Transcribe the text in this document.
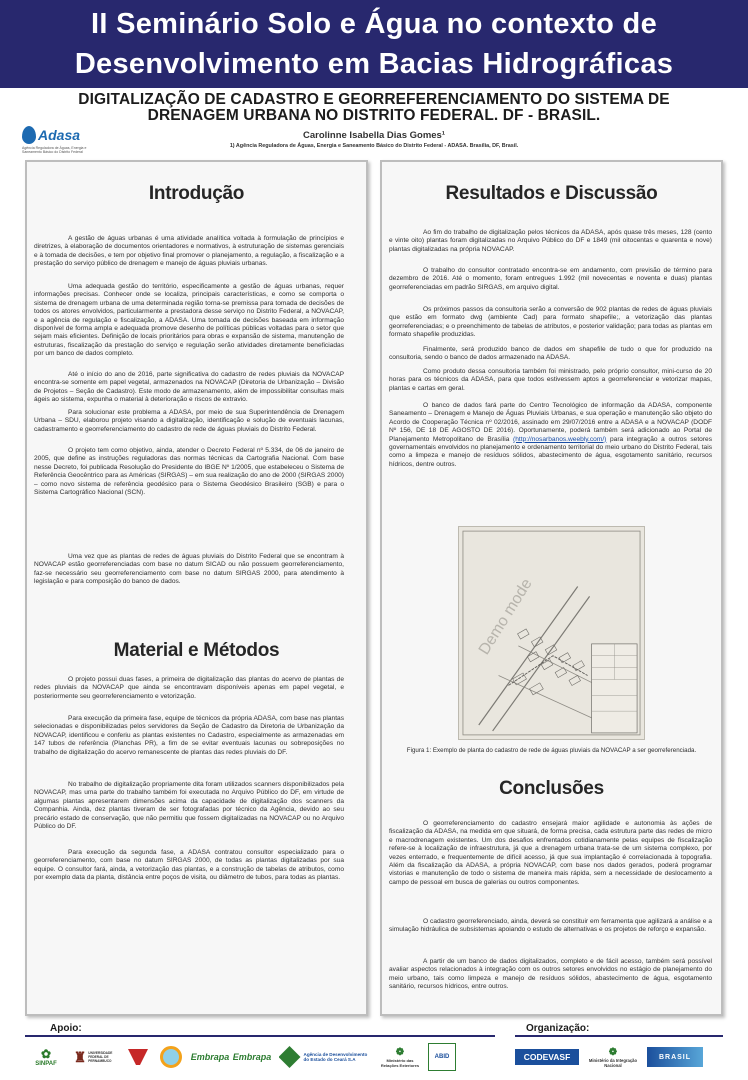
II Seminário Solo e Água no contexto de
Desenvolvimento em Bacias Hidrográficas
DIGITALIZAÇÃO DE CADASTRO E GEORREFERENCIAMENTO DO SISTEMA DE
DRENAGEM URBANA NO DISTRITO FEDERAL. DF - BRASIL.
Adasa
Agência Reguladora de Águas, Energia e Saneamento Básico do Distrito Federal
Carolinne Isabella Dias Gomes¹
1) Agência Reguladora de Águas, Energia e Saneamento Básico do Distrito Federal - ADASA. Brasília, DF, Brasil.
Introdução
A gestão de águas urbanas é uma atividade analítica voltada à formulação de princípios e diretrizes, à elaboração de documentos orientadores e normativos, à estruturação de sistemas gerenciais e à tomada de decisões, e tem por objetivo final promover o planejamento, a regulação, a fiscalização e a prestação do serviço público de drenagem e manejo de águas pluviais urbanas.
Uma adequada gestão do território, especificamente a gestão de águas urbanas, requer informações precisas. Conhecer onde se localiza, principais características, e como se comporta o sistema de drenagem urbana de uma determinada região torna-se premissa para tomada de decisões de todos os atores envolvidos, particularmente a prestadora desse serviço no Distrito Federal, a NOVACAP, e a agência de regulação e fiscalização, a ADASA. Uma tomada de decisões baseada em informação disponível de forma ampla e adequada promove desenho de políticas públicas voltadas para o setor que sejam mais eficientes. Definição de locais prioritários para obras e expansão de sistema, manutenção de estruturas, fiscalização da prestação do serviço e regulação serão atividades diretamente beneficiadas por um banco de dados completo.
Até o início do ano de 2016, parte significativa do cadastro de redes pluviais da NOVACAP encontra-se somente em papel vegetal, armazenados na NOVACAP (Diretoria de Urbanização – Divisão de Projetos – Seção de Cadastro). Este modo de armazenamento, além de impossibilitar consultas mais ágeis ao sistema, expunha o material à deterioração e riscos de extravio.
Para solucionar este problema a ADASA, por meio de sua Superintendência de Drenagem Urbana – SDU, elaborou projeto visando a digitalização, identificação e solução de eventuais lacunas, cadastramento e georreferenciamento do cadastro de rede de águas pluviais do Distrito Federal.
O projeto tem como objetivo, ainda, atender o Decreto Federal nº 5.334, de 06 de janeiro de 2005, que define as instruções reguladoras das normas técnicas da Cartografia Nacional. Com base nesse Decreto, foi publicada Resolução do Presidente do IBGE Nº 1/2005, que estabeleceu o Sistema de Referência Geocêntrico para as Américas (SIRGAS) – em sua realização do ano de 2000 (SIRGAS 2000) – como novo sistema de referência geodésico para o Sistema Geodésico Brasileiro (SGB) e para o Sistema Cartográfico Nacional (SCN).
Uma vez que as plantas de redes de águas pluviais do Distrito Federal que se encontram à NOVACAP estão georreferenciadas com base no datum SICAD ou não possuem georreferenciamento, faz-se necessário seu georreferenciamento com base no datum SIRGAS 2000, para atendimento à legislação e para composição do banco de dados.
Material e Métodos
O projeto possui duas fases, a primeira de digitalização das plantas do acervo de plantas de redes pluviais da NOVACAP que ainda se encontravam disponíveis apenas em papel vegetal, e posteriormente seu georreferenciamento e vetorização.
Para execução da primeira fase, equipe de técnicos da própria ADASA, com base nas plantas selecionadas e disponibilizadas pelos servidores da Seção de Cadastro da Diretoria de Urbanização da NOVACAP, identificou e conferiu as plantas existentes no Cadastro, especialmente as armazenadas em 147 tubos de referência (Planchas PR), a fim de se evitar eventuais lacunas ou sobreposições no trabalho de digitalização do acervo remanescente de plantas das redes pluviais do DF.
No trabalho de digitalização propriamente dita foram utilizados scanners disponibilizados pela NOVACAP, mas uma parte do trabalho também foi executada no Arquivo Público do DF, em virtude de algumas plantas apresentarem dimensões acima da capacidade de digitalização dos scanners da Companhia. Ainda, dez plantas tiveram de ser fotografadas por técnico da Agência, devido ao seu precário estado de conservação, que não permitiu que fossem digitalizadas na NOVACAP ou no Arquivo Público do DF.
Para execução da segunda fase, a ADASA contratou consultor especializado para o georreferenciamento, com base no datum SIRGAS 2000, de todas as plantas digitalizadas por sua equipe. O consultor fará, ainda, a vetorização das plantas, e a construção de tabelas de atributos, como por exemplo data da planta, distância entre poços de visita, ou diâmetro de tubos, para todas as plantas.
Resultados e Discussão
Ao fim do trabalho de digitalização pelos técnicos da ADASA, após quase três meses, 128 (cento e vinte oito) plantas foram digitalizadas no Arquivo Público do DF e 1849 (mil oitocentas e quarenta e nove) plantas digitalizadas na própria NOVACAP.
O trabalho do consultor contratado encontra-se em andamento, com previsão de término para dezembro de 2016. Até o momento, foram entregues 1.992 (mil novecentas e noventa e duas) plantas georreferenciadas em padrão SIRGAS, em arquivo digital.
Os próximos passos da consultoria serão a conversão de 902 plantas de redes de águas pluviais que estão em formato dwg (ambiente Cad) para formato shapefile;, a vetorização das plantas georreferenciadas; e o preenchimento de tabelas de atributos, e posterior validação; para todas as plantas em formato shapefile produzidas.
Finalmente, será produzido banco de dados em shapefile de tudo o que for produzido na consultoria, sendo o banco de dados armazenado na ADASA.
Como produto dessa consultoria também foi ministrado, pelo próprio consultor, mini-curso de 20 horas para os técnicos da ADASA, para que todos estivessem aptos a georreferenciar e vetorizar mapas, plantas e cartas em geral.
O banco de dados fará parte do Centro Tecnológico de informação da ADASA, componente Saneamento – Drenagem e Manejo de Águas Pluviais Urbanas, e sua operação e manutenção são objeto do Acordo de Cooperação Técnica nº 02/2016, assinado em 29/07/2016 entre a ADASA e a NOVACAP (DODF Nº 156, DE 18 DE AGOSTO DE 2016). Oportunamente, poderá também será adicionado ao Portal de Planejamento Metropolitano de Brasília (http://nosarbanos.weebly.com/) para integração a outros setores governamentais envolvidos no planejamento e ordenamento territorial do meio urbano do Distrito Federal, tais como a limpeza e manejo de resíduos sólidos, abastecimento de água, esgotamento sanitário, recursos hídricos, dentre outros.
Demo mode
Figura 1: Exemplo de planta do cadastro de rede de águas pluviais da NOVACAP a ser georreferenciada.
Conclusões
O georreferenciamento do cadastro ensejará maior agilidade e autonomia às ações de fiscalização da ADASA, na medida em que situará, de forma precisa, cada estrutura parte das redes de micro e macrodrenagem existentes. Um dos desafios enfrentados cotidianamente pelas equipes de fiscalização refere-se à localização de infraestrutura, já que a drenagem urbana trata-se de um sistema complexo, por vezes enterrado, e frequentemente de difícil acesso, já que sua implantação é correlacionada à topografia. Além da fiscalização da ADASA, a própria NOVACAP, com base nos dados gerados, poderá programar vistorias e manutenção de todo o sistema de maneira mais rápida, sem a necessidade de deslocamento a campo de pessoal em busca de galerias ou outros componentes.
O cadastro georreferenciado, ainda, deverá se constituir em ferramenta que agilizará a análise e a simulação hidráulica de subsistemas apoiando o estudo de alternativas e os projetos de reforço e expansão.
A partir de um banco de dados digitalizados, completo e de fácil acesso, também será possível avaliar aspectos relacionados à integração com os outros setores envolvidos no estágio de planejamento do meio urbano, tais como limpeza e manejo de resíduos sólidos, abastecimento de água, esgotamento sanitário, recursos hídricos, entre outros.
Apoio:	Organização:
✿
SINPAF ♜ UNIVERSIDADE FEDERAL DE PERNAMBUCO	Embrapa Embrapa	Agência de Desenvolvimento do Estado do Ceará S.A
❁
Ministério das Relações Exteriores
ABID	CODEVASF	❁
Ministério da Integração Nacional
BRASIL
